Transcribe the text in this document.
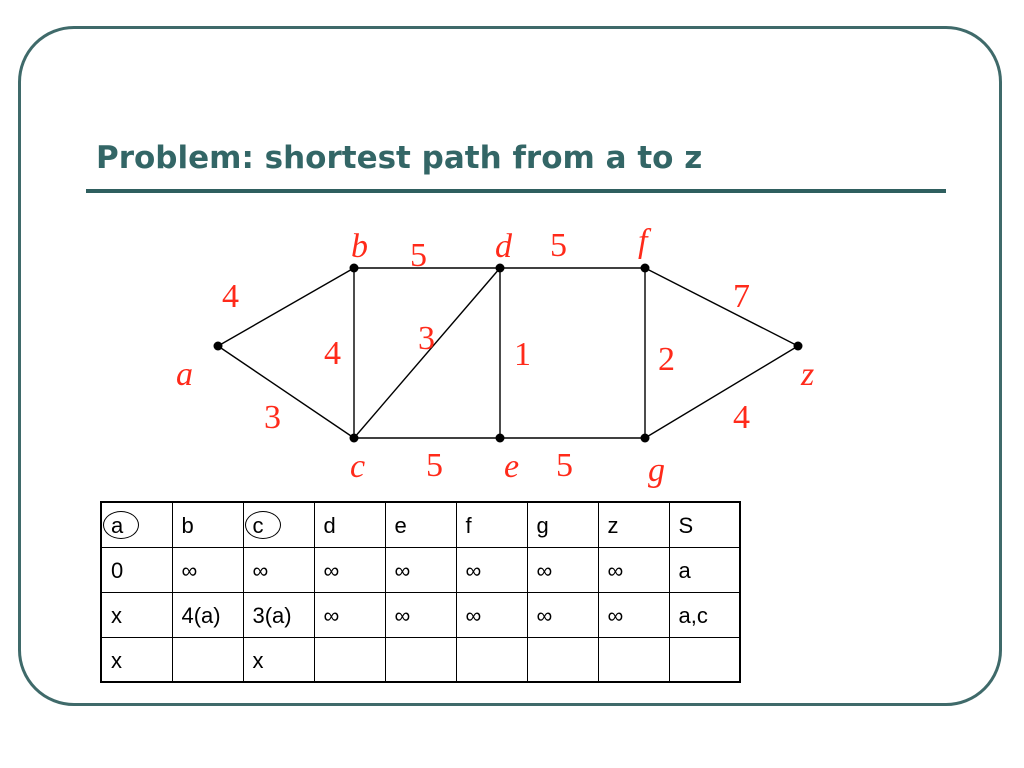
Problem: shortest path from a to z
a
b
c
d
e
f
g
z
4
3
4
5
3
5
1
5
5
2
7
4
a	b	c	d	e	f	g	z	S
0	∞	∞	∞	∞	∞	∞	∞	a
x	4(a)	3(a)	∞	∞	∞	∞	∞	a,c
x		x						
